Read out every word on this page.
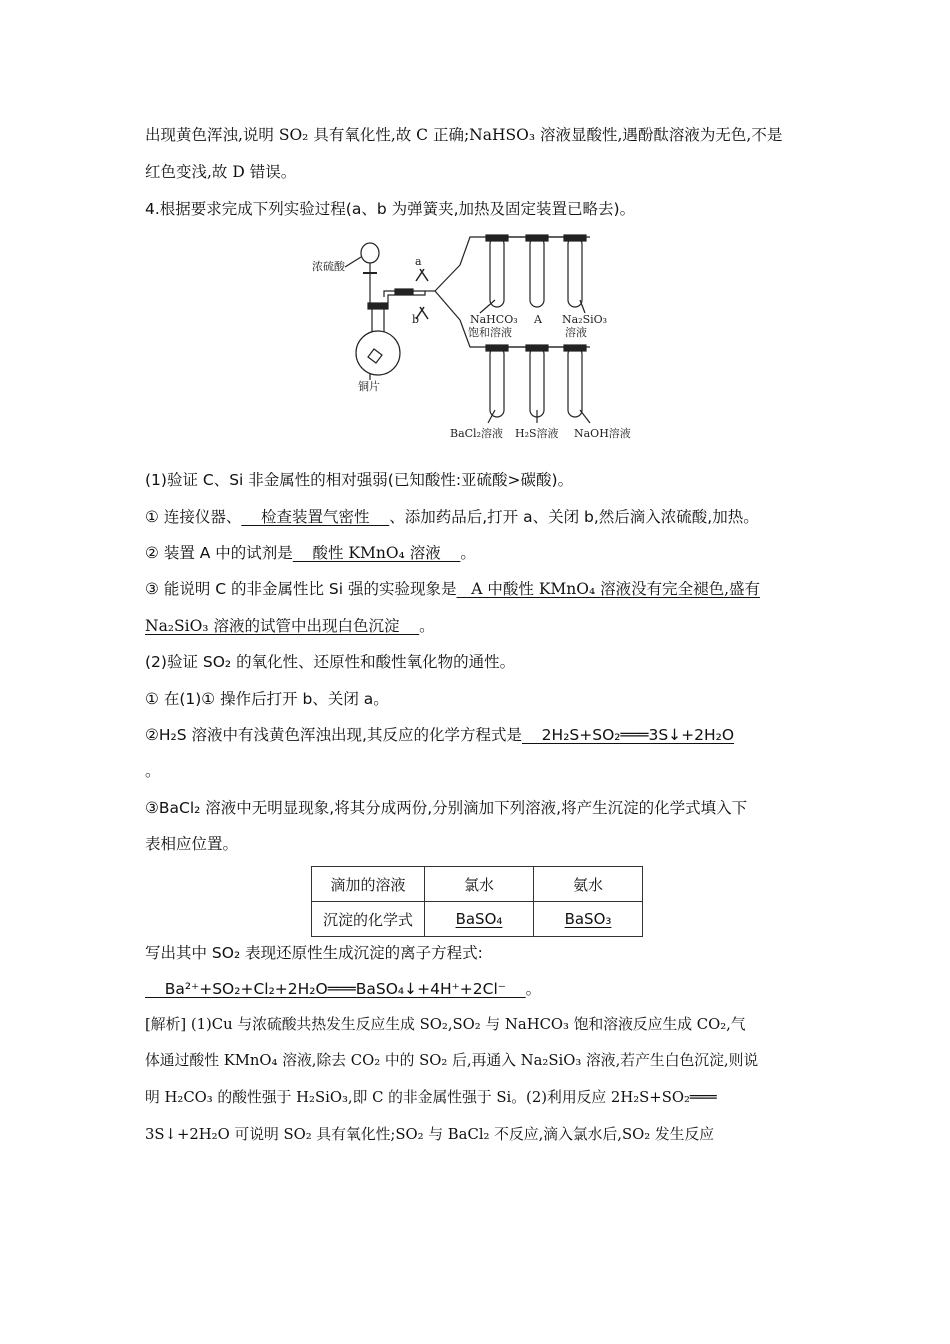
出现黄色浑浊,说明 SO₂ 具有氧化性,故 C 正确;NaHSO₃ 溶液显酸性,遇酚酞溶液为无色,不是
红色变浅,故 D 错误。
4.根据要求完成下列实验过程(a、b 为弹簧夹,加热及固定装置已略去)。
浓硫酸
铜片
a
b	NaHCO₃
饱和溶液
A Na₂SiO₃
溶液
BaCl₂溶液 H₂S溶液 NaOH溶液
(1)验证 C、Si 非金属性的相对强弱(已知酸性:亚硫酸>碳酸)。
① 连接仪器、    检查装置气密性    、添加药品后,打开 a、关闭 b,然后滴入浓硫酸,加热。
② 装置 A 中的试剂是    酸性 KMnO₄ 溶液    。
③ 能说明 C 的非金属性比 Si 强的实验现象是   A 中酸性 KMnO₄ 溶液没有完全褪色,盛有
Na₂SiO₃ 溶液的试管中出现白色沉淀    。
(2)验证 SO₂ 的氧化性、还原性和酸性氧化物的通性。
① 在(1)① 操作后打开 b、关闭 a。
②H₂S 溶液中有浅黄色浑浊出现,其反应的化学方程式是    2H₂S+SO₂═══3S↓+2H₂O
。
③BaCl₂ 溶液中无明显现象,将其分成两份,分别滴加下列溶液,将产生沉淀的化学式填入下
表相应位置。
滴加的溶液	氯水	氨水
沉淀的化学式	BaSO₄	BaSO₃
写出其中 SO₂ 表现还原性生成沉淀的离子方程式:
Ba²⁺+SO₂+Cl₂+2H₂O═══BaSO₄↓+4H⁺+2Cl⁻    。
[解析] (1)Cu 与浓硫酸共热发生反应生成 SO₂,SO₂ 与 NaHCO₃ 饱和溶液反应生成 CO₂,气
体通过酸性 KMnO₄ 溶液,除去 CO₂ 中的 SO₂ 后,再通入 Na₂SiO₃ 溶液,若产生白色沉淀,则说
明 H₂CO₃ 的酸性强于 H₂SiO₃,即 C 的非金属性强于 Si。(2)利用反应 2H₂S+SO₂═══
3S↓+2H₂O 可说明 SO₂ 具有氧化性;SO₂ 与 BaCl₂ 不反应,滴入氯水后,SO₂ 发生反应
